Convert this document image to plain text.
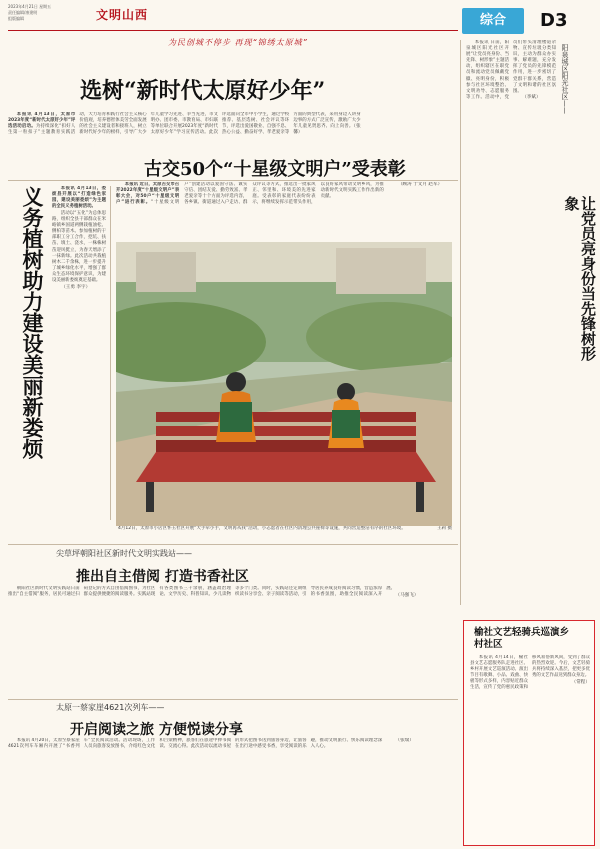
2023年4月21日 星期五
责任编辑/康建明
组版编辑	文明山西	综合	D3
为民创城不停步 再现“锦绣太原城”
选树“新时代太原好少年”

本报讯 4月13日，太原市2023年度“新时代太原好少年”评选活动启动。为持续深化“扣好人生第一粒扣子”主题教育实践活动，大力培育和践行社会主义核心价值观，培养德智体美劳全面发展的社会主义建设者和接班人，树立新时代好少年的榜样，引导广大少年儿童学习先进、争当先进，市文明办、团市委、市教育局、市妇联等单位联合开展2023年度“新时代太原好少年”学习宣传活动。此次评选面向全市中小学生，通过学校推荐、基层选树、社会评议等环节，评选出爱国敬业、自强不息、热心公益、勤奋好学、孝老爱亲等方面的典型代表，采用身边人讲身边事的方式广泛宣传，激励广大少年儿童见贤思齐、向上向善。（张馨）

义务植树助力建设美丽新娄烦	本报讯 4月13日，娄烦县开展以“打造绿色家园，建设美丽娄烦”为主题的全民义务植树活动。

活动以“五化”为总体思路，组织全县干部群众在米峪镇乡国道两侧栽植油松、侧柏等苗木。参加植树的干部职工分工合作，挖坑、扶苗、填土、浇水，一株株树苗迎风挺立，为春天增添了一抹新绿。此次活动共栽植树木二千余株，进一步提升了城乡绿化水平，增强了群众生态环境保护意识，为建设美丽新娄烦奠定基础。

（王勇 李宇）

古交50个“十星级文明户”受表彰

本报讯 近日，太原古交市召开2022年度“十星级文明户”表彰大会，对50户“十星级文明户”进行表彰。“十星级文明户”创建活动以爱国守法、诚实守信、团结友爱、勤劳致富、孝老爱亲等十个方面为评选内容，各乡镇、街道通过入户走访、群众评议等方式，推选出一批家风正、邻里和、环境美的先进家庭。受表彰的家庭代表纷纷表示，将继续发挥示范带头作用，以良好家风带动文明乡风，为推动新时代文明实践工作作出新的贡献。

（顾涛 于文月 赵军）

4月12日，太原市小店区怀玉社区开展“大手牵小手，文明再从我”活动，小志愿者在社区内清理公共座椅等设施，共同营造整洁有序的社区环境。	王莉 摄
阳泉城区阳光社区——
让党员亮身份当先锋树形象

本报讯 日前，阳泉城区阳光社区开展“让党员亮身份、当先锋、树形象”主题活动，组织辖区在职党员和流动党员佩戴党徽、亮明身份，积极参与社区环境整治、文明劝导、志愿服务等工作。活动中，党员们带头清理楼道杂物、宣传垃圾分类知识，主动为群众办实事、解难题，充分发挥了党员的先锋模范作用，进一步密切了党群干群关系，营造了文明和谐的社区氛围。

（李斌）

尖草坪朝阳社区新时代文明实践站——
推出自主借阅 打造书香社区

朝阳社区新时代文明实践站日前推出“自主借阅”服务，居民可通过扫码登记的方式自由借阅图书，为社区群众提供便捷的阅读服务。实践站现有各类图书三千余册，涵盖政治理论、文学历史、科普知识、少儿读物等多个门类。同时，实践站还定期组织读书分享会、亲子阅读等活动，引导居民养成良好阅读习惯，营造浓厚的书香氛围，助推全民阅读深入开展。

（马强飞）

太原一蔡家崖4621次列车——
开启阅读之旅 方便悦读分享

本报讯 4月20日，太原至蔡家崖4621次列车车厢内开展了“书香列车”全民阅读活动。活动现场，工作人员向旅客发放图书，介绍红色文化和吕梁精神，旅客们在旅途中捧书阅读、交流心得。此次活动以流动书屋的形式把图书送到旅客身边，让旅客在出行途中感受书香，享受阅读的乐趣，推动文明旅行、快乐阅读理念深入人心。

（张瑞）

榆社文艺轻骑兵巡演乡村社区

本报讯 4月14日，榆社县文艺志愿服务队走进社区、乡村开展文艺巡演活动。演出节目有歌舞、小品、戏曲、快板等形式多样，内容贴近群众生活，宣传了党的惠民政策和移风易俗新风尚，受到了群众的热烈欢迎。今后，文艺轻骑兵将持续深入基层，把更多优秀的文艺作品送到群众身边。

（常程）
